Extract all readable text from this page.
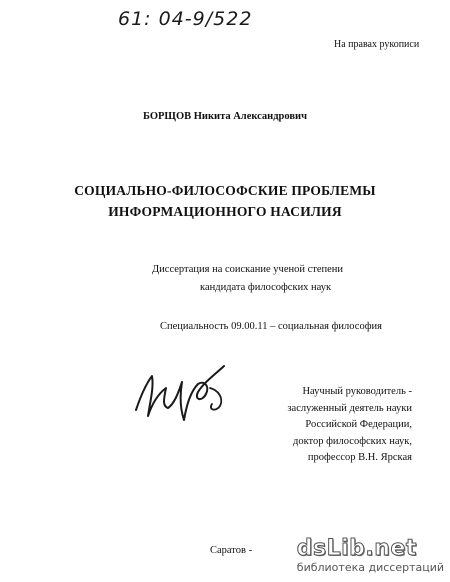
61: 04-9/522
На правах рукописи
БОРЩОВ Никита Александрович
СОЦИАЛЬНО-ФИЛОСОФСКИЕ ПРОБЛЕМЫ
ИНФОРМАЦИОННОГО НАСИЛИЯ
Диссертация на соискание ученой степени
кандидата философских наук
Специальность 09.00.11 – социальная философия
Научный руководитель -
заслуженный деятель науки
Российской Федерации,
доктор философских наук,
профессор В.Н. Ярская
Саратов - dsLib.net
библиотека диссертаций
